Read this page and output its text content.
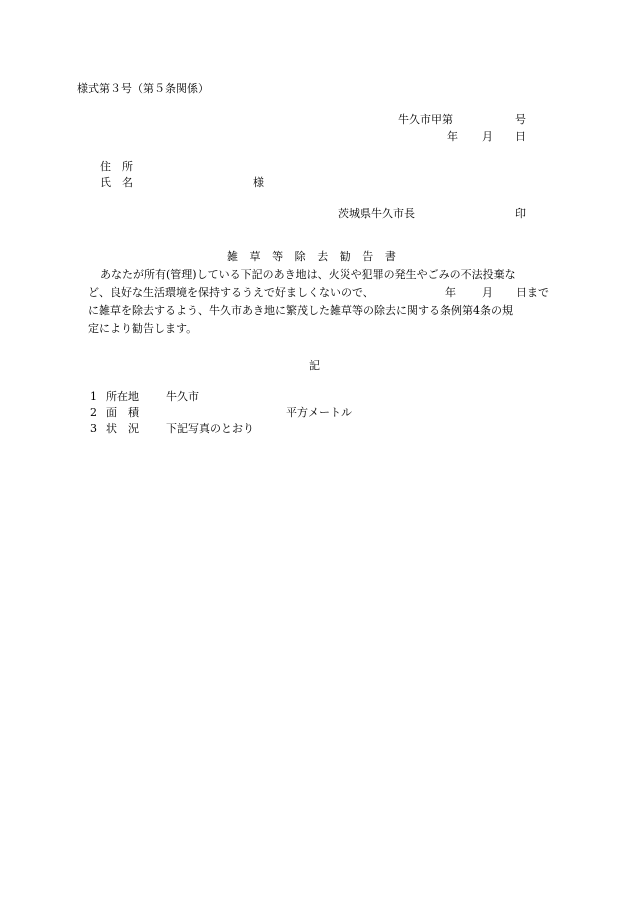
様式第３号（第５条関係）
牛久市甲第	号
年 月 日
住　所
氏　名	様
茨城県牛久市長	印
雑草等除去勧告書
あなたが所有(管理)している下記のあき地は、火災や犯罪の発生やごみの不法投棄な
ど、良好な生活環境を保持するうえで好ましくないので、	年 月 日まで
に雑草を除去するよう、牛久市あき地に繁茂した雑草等の除去に関する条例第4条の規
定により勧告します。
記
1 所在地 牛久市
2 面　積	平方メートル
3 状　況 下記写真のとおり
